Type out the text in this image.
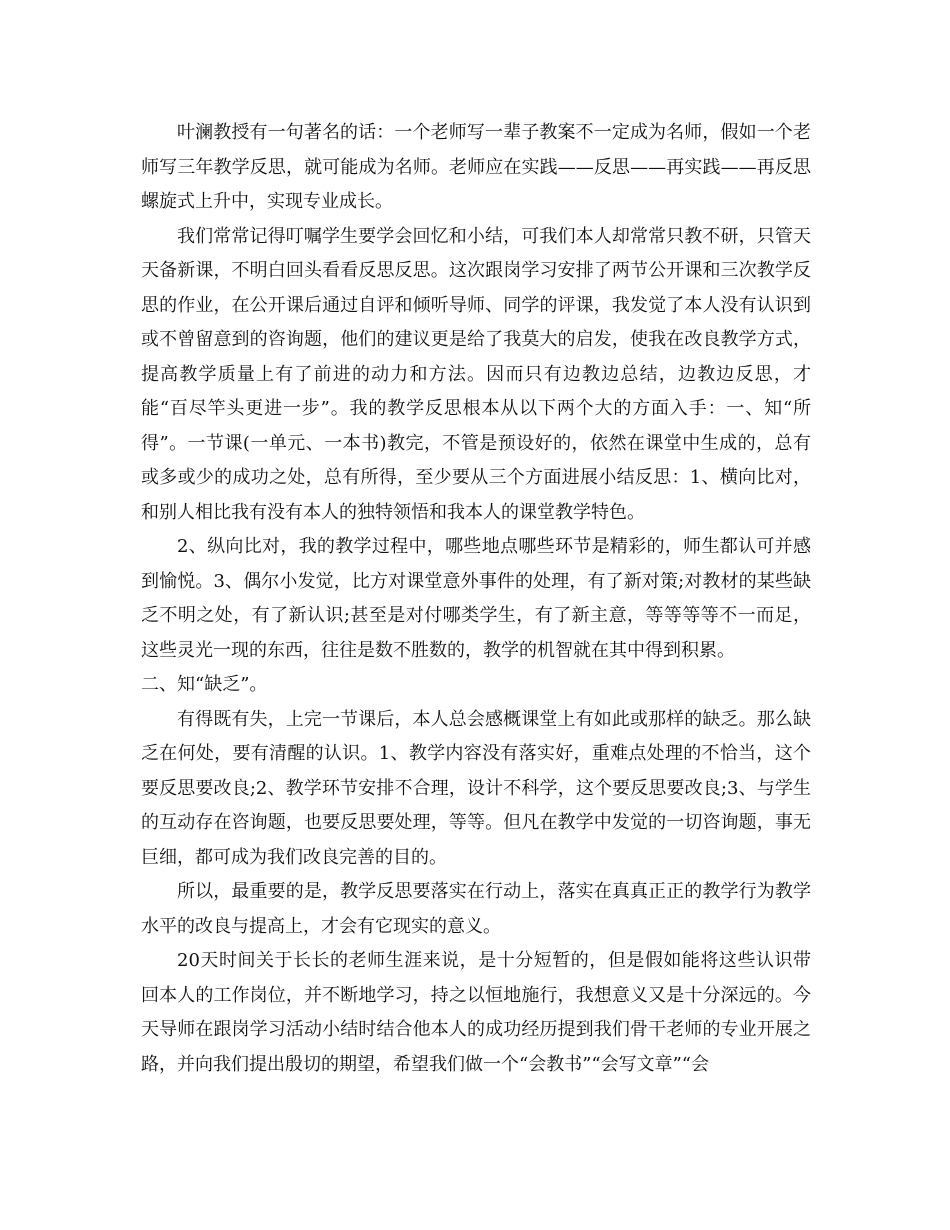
叶澜教授有一句著名的话：一个老师写一辈子教案不一定成为名师，假如一个老师写三年教学反思，就可能成为名师。老师应在实践——反思——再实践——再反思螺旋式上升中，实现专业成长。

我们常常记得叮嘱学生要学会回忆和小结，可我们本人却常常只教不研，只管天天备新课，不明白回头看看反思反思。这次跟岗学习安排了两节公开课和三次教学反思的作业，在公开课后通过自评和倾听导师、同学的评课，我发觉了本人没有认识到或不曾留意到的咨询题，他们的建议更是给了我莫大的启发，使我在改良教学方式，提高教学质量上有了前进的动力和方法。因而只有边教边总结，边教边反思，才能“百尽竿头更进一步”。我的教学反思根本从以下两个大的方面入手：一、知“所得”。一节课(一单元、一本书)教完，不管是预设好的，依然在课堂中生成的，总有或多或少的成功之处，总有所得，至少要从三个方面进展小结反思：1、横向比对，和别人相比我有没有本人的独特领悟和我本人的课堂教学特色。

2、纵向比对，我的教学过程中，哪些地点哪些环节是精彩的，师生都认可并感到愉悦。3、偶尔小发觉，比方对课堂意外事件的处理，有了新对策;对教材的某些缺乏不明之处，有了新认识;甚至是对付哪类学生，有了新主意，等等等等不一而足，这些灵光一现的东西，往往是数不胜数的，教学的机智就在其中得到积累。

二、知“缺乏”。

有得既有失，上完一节课后，本人总会感概课堂上有如此或那样的缺乏。那么缺乏在何处，要有清醒的认识。1、教学内容没有落实好，重难点处理的不恰当，这个要反思要改良;2、教学环节安排不合理，设计不科学，这个要反思要改良;3、与学生的互动存在咨询题，也要反思要处理，等等。但凡在教学中发觉的一切咨询题，事无巨细，都可成为我们改良完善的目的。

所以，最重要的是，教学反思要落实在行动上，落实在真真正正的教学行为教学水平的改良与提高上，才会有它现实的意义。

20天时间关于长长的老师生涯来说，是十分短暂的，但是假如能将这些认识带回本人的工作岗位，并不断地学习，持之以恒地施行，我想意义又是十分深远的。今天导师在跟岗学习活动小结时结合他本人的成功经历提到我们骨干老师的专业开展之路，并向我们提出殷切的期望，希望我们做一个“会教书”“会写文章”“会
